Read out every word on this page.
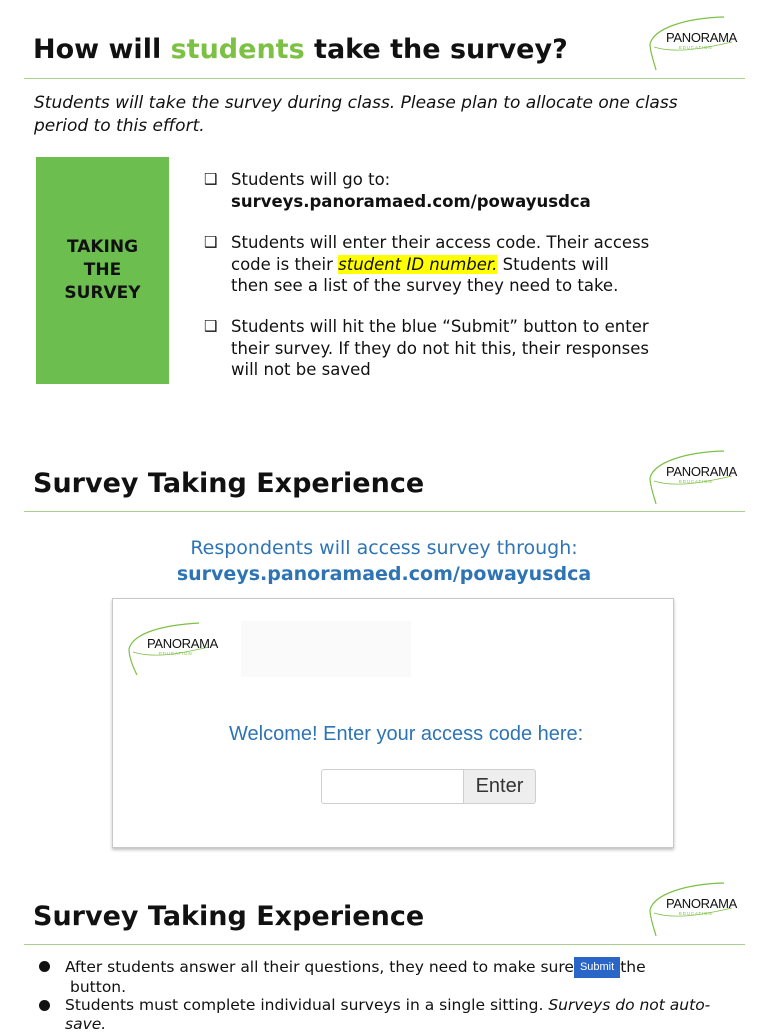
How will students take the survey?	PANORAMA
EDUCATION
Students will take the survey during class. Please plan to allocate one class period to this effort.
TAKING THE SURVEY
❑ Students will go to:
surveys.panoramaed.com/powayusdca
❑ Students will enter their access code. Their access code is their student ID number. Students will then see a list of the survey they need to take.
❑ Students will hit the blue “Submit” button to enter their survey. If they do not hit this, their responses will not be saved
Survey Taking Experience	PANORAMA
EDUCATION
Respondents will access survey through:
surveys.panoramaed.com/powayusdca
PANORAMA
EDUCATION
Welcome! Enter your access code here:
Enter
Survey Taking Experience	PANORAMA
EDUCATION
After students answer all their questions, they need to make sure Submit the
button.
Students must complete individual surveys in a single sitting. Surveys do not auto-save.
